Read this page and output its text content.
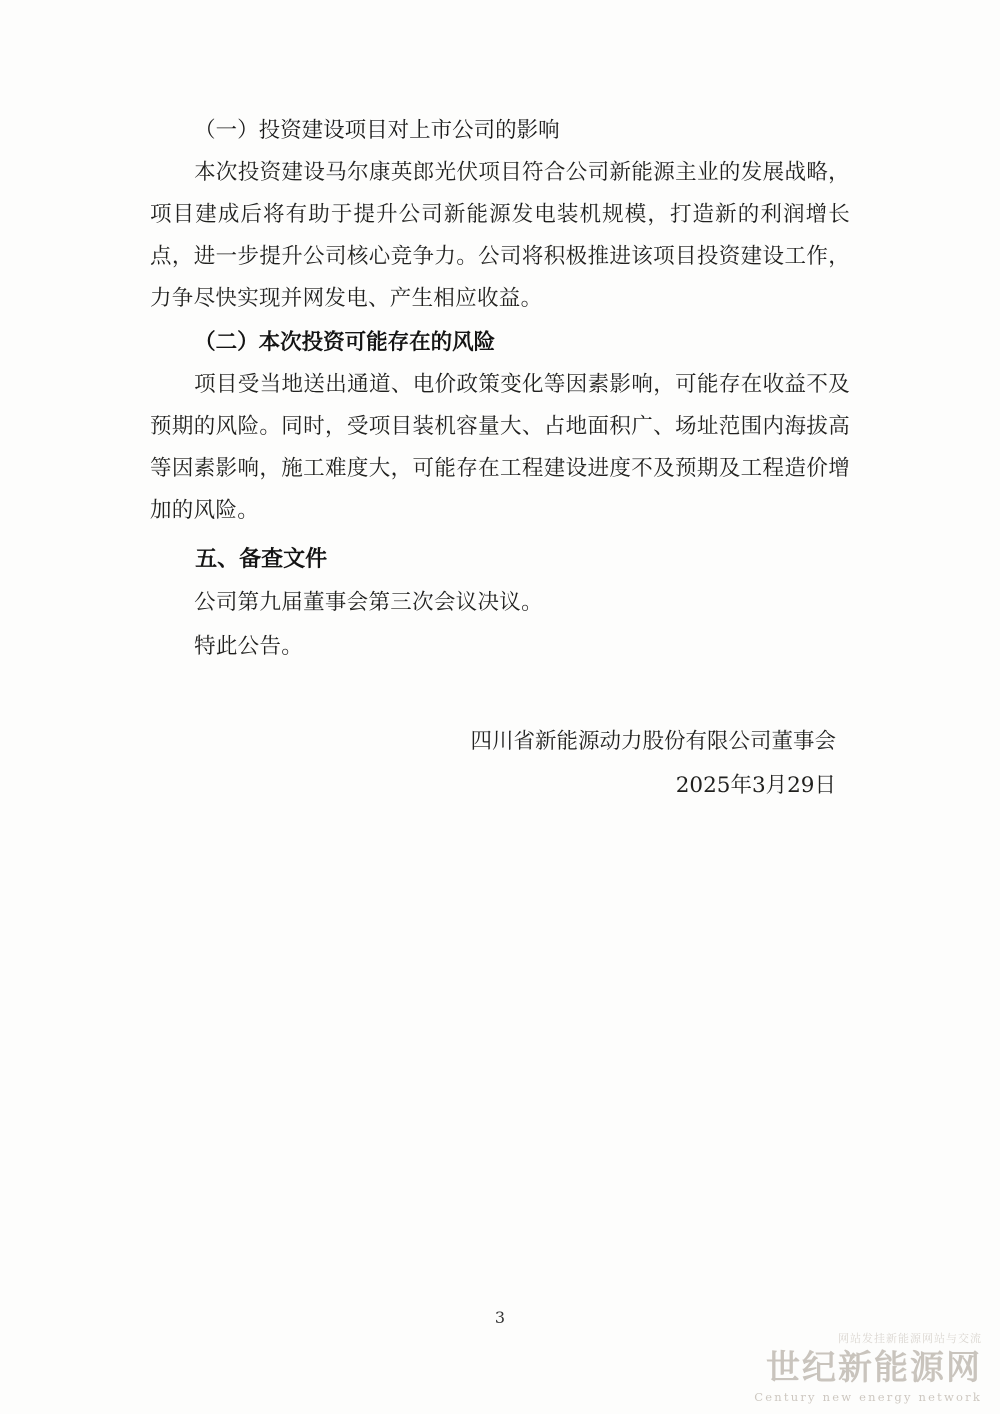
（一）投资建设项目对上市公司的影响

本次投资建设马尔康英郎光伏项目符合公司新能源主业的发展战略，项目建成后将有助于提升公司新能源发电装机规模，打造新的利润增长点，进一步提升公司核心竞争力。公司将积极推进该项目投资建设工作，力争尽快实现并网发电、产生相应收益。

（二）本次投资可能存在的风险

项目受当地送出通道、电价政策变化等因素影响，可能存在收益不及预期的风险。同时，受项目装机容量大、占地面积广、场址范围内海拔高等因素影响，施工难度大，可能存在工程建设进度不及预期及工程造价增加的风险。

五、备查文件

公司第九届董事会第三次会议决议。

特此公告。

四川省新能源动力股份有限公司董事会
2025年3月29日
3
网站发挂新能源网站与交流
世纪新能源网
Century new energy network
